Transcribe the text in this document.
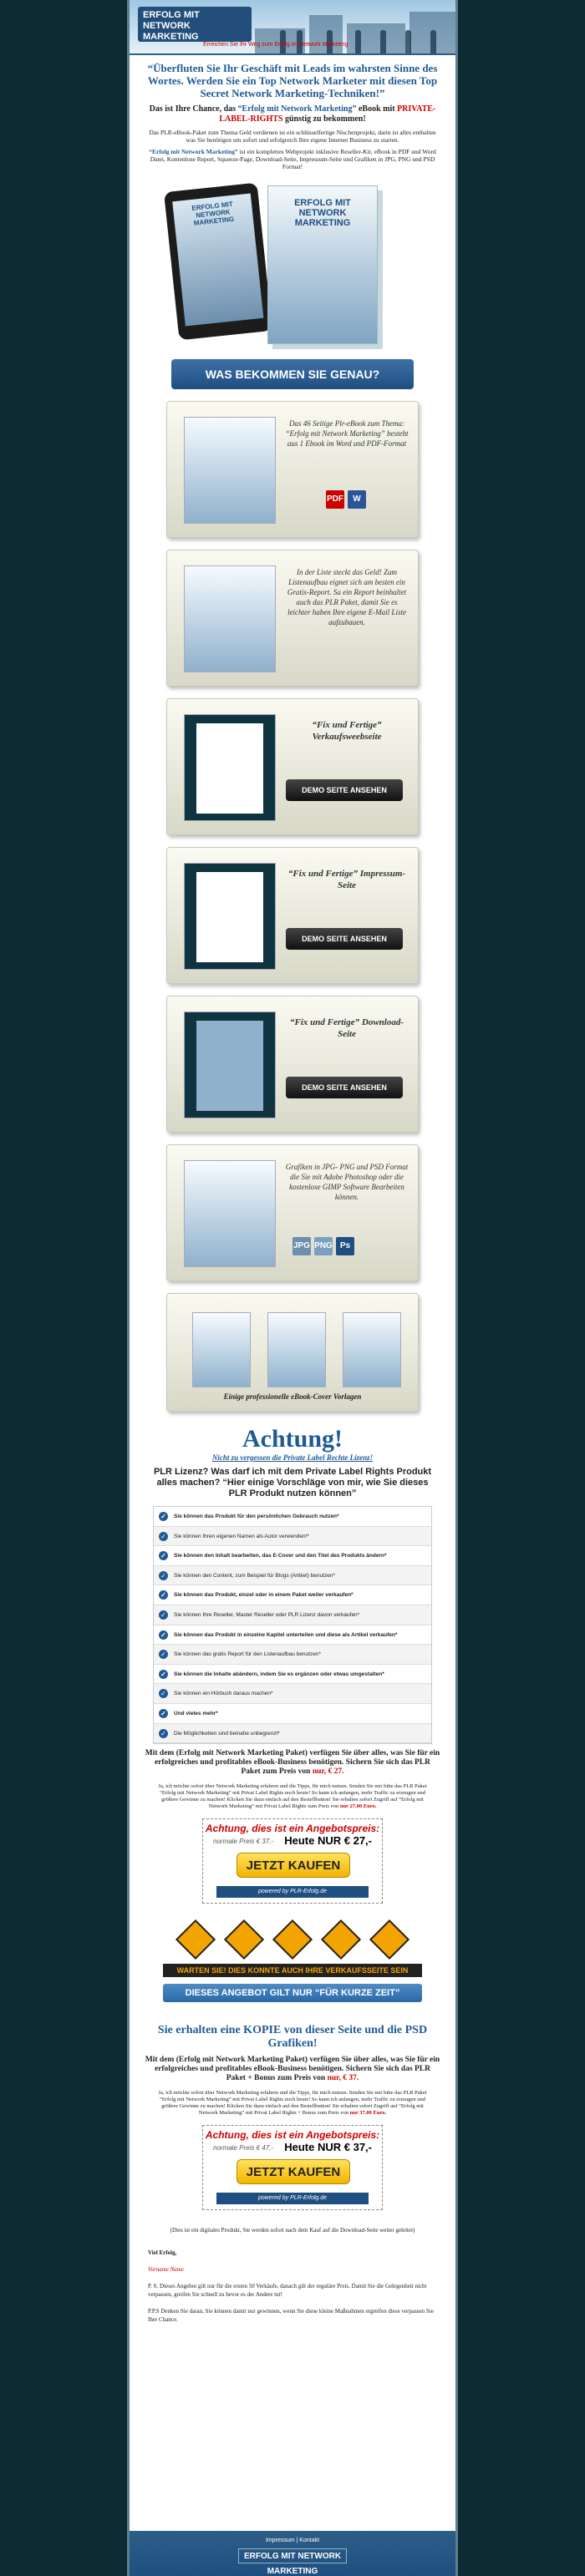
ERFOLG MIT NETWORK MARKETING
Erreichen Sie Ihr Weg zum Erfolg im Network Marketing
“Überfluten Sie Ihr Geschäft mit Leads im wahrsten Sinne des Wortes. Werden Sie ein Top Network Marketer mit diesen Top Secret Network Marketing-Techniken!”
Das ist Ihre Chance, das “Erfolg mit Network Marketing” eBook mit PRIVATE-LABEL-RIGHTS günstig zu bekommen!
Das PLR-eBook-Paket zum Thema Geld verdienen ist ein schlüsselfertige Nischenprojekt, darin ist alles enthalten was Sie benötigen um sofort und erfolgreich Ihre eigene Internet Business zu starten.
“Erfolg mit Network Marketing” ist ein komplettes Webprojekt inklusive Reseller-Kit, eBook in PDF und Word Datei, Kontenlose Report, Squeeze-Page, Download-Seite, Impressum-Seite und Grafiken in JPG, PNG und PSD Format!
ERFOLG MIT NETWORK MARKETING
ERFOLG MIT NETWORK MARKETING
WAS BEKOMMEN SIE GENAU?
Das 46 Seitige Plr-eBook zum Thema: “Erfolg mit Network Marketing” besteht aus 1 Ebook im Word und PDF-Format
PDF W
In der Liste steckt das Geld! Zum Listenaufbau eignet sich am besten ein Gratis-Report. Sa ein Report beinhaltet auch das PLR Paket, damit Sie es leichter haben Ihre eigene E-Mail Liste aufzubauen.
“Fix und Fertige” Verkaufsweebseite
DEMO SEITE ANSEHEN
“Fix und Fertige” Impressum-Seite
DEMO SEITE ANSEHEN
“Fix und Fertige” Download-Seite
DEMO SEITE ANSEHEN
Grafiken in JPG- PNG und PSD Format die Sie mit Adobe Photoshop oder die kostenlose GIMP Software Bearbeiten können.
JPG PNG Ps
Einige professionelle eBook-Cover Vorlagen
Achtung!
Nicht zu vergessen die Private Label Rechte Lizenz!
PLR Lizenz? Was darf ich mit dem Private Label Rights Produkt alles machen? “Hier einige Vorschläge von mir, wie Sie dieses PLR Produkt nutzen können”
✓	Sie können das Produkt für den persönlichen Gebrauch nutzen*
✓	Sie können Ihren eigenen Namen als Autor verwenden!*
✓	Sie können den Inhalt bearbeiten, das E-Cover und den Titel des Produkts ändern*
✓	Sie können den Content, zum Beispiel für Blogs (Artikel) benutzen*
✓	Sie können das Produkt, einzel oder in einem Paket weiter verkaufen*
✓	Sie können Ihre Reseller, Master Reseller oder PLR Lizenz davon verkaufen*
✓	Sie können das Produkt in einzelne Kapitel unterteilen und diese als Artikel verkaufen*
✓	Sie können das gratis Report für den Listenaufbau benutzen*
✓	Sie können die Inhalte abändern, indem Sie es ergänzen oder etwas umgestalten*
✓	Sie können ein Hörbuch daraus machen*
✓	Und vieles mehr*
✓	Die Möglichkeiten sind beinahe unbegrenzt*
Mit dem (Erfolg mit Network Marketing Paket) verfügen Sie über alles, was Sie für ein erfolgreiches und profitables eBook-Business benötigen. Sichern Sie sich das PLR Paket zum Preis von nur, € 27.
Ja, ich möchte sofort über Network Marketing erfahren und die Tipps, für mich nutzen. Senden Sie mir bitte das PLR Paket “Erfolg mit Network Marketing” mit Privat Label Rights noch heute! So kann ich anfangen, mehr Traffic zu erzeugen und größere Gewinne zu machen! Klicken Sie dazu einfach auf den Bestellbutton! Sie erhalten sofort Zugriff auf “Erfolg mit Network Marketing” mit Privat Label Rights zum Preis von nur 27.00 Euro.
Achtung, dies ist ein Angebotspreis:
normale Preis € 37,- Heute NUR € 27,-
JETZT KAUFEN
powered by PLR-Erfolg.de
WARTEN SIE! DIES KONNTE AUCH IHRE VERKAUFSSEITE SEIN
DIESES ANGEBOT GILT NUR “FÜR KURZE ZEIT”
Sie erhalten eine KOPIE von dieser Seite und die PSD Grafiken!
Mit dem (Erfolg mit Network Marketing Paket) verfügen Sie über alles, was Sie für ein erfolgreiches und profitables eBook-Business benötigen. Sichern Sie sich das PLR Paket + Bonus zum Preis von nur, € 37.
Ja, ich möchte sofort über Network Marketing erfahren und die Tipps, für mich nutzen. Senden Sie mir bitte das PLR Paket “Erfolg mit Network Marketing” mit Privat Label Rights noch heute! So kann ich anfangen, mehr Traffic zu erzeugen und größere Gewinne zu machen! Klicken Sie dazu einfach auf den Bestellbutton! Sie erhalten sofort Zugriff auf “Erfolg mit Network Marketing” mit Privat Label Rights + Bonus zum Preis von nur 37.00 Euro.
Achtung, dies ist ein Angebotspreis:
normale Preis € 47,- Heute NUR € 37,-
JETZT KAUFEN
powered by PLR-Erfolg.de
(Dies ist ein digitales Produkt, Sie werden sofort nach dem Kauf auf die Download-Seite weiter geleitet)
Viel Erfolg,

Vorname Name

P. S. Dieses Angebot gilt nur für die ersten 50 Verkäufe, danach gilt der reguläre Preis. Damit Sie die Gelegenheit nicht verpassen, greifen Sie schnell zu bevor es der Andere tut!

P.P.S Denken Sie daran, Sie können damit nur gewinnen, wenn Sie diese kleine Maßnahmen ergreifen diese verpassen Sie Ihre Chance.
Impressum | Kontakt
ERFOLG MIT NETWORK MARKETING
